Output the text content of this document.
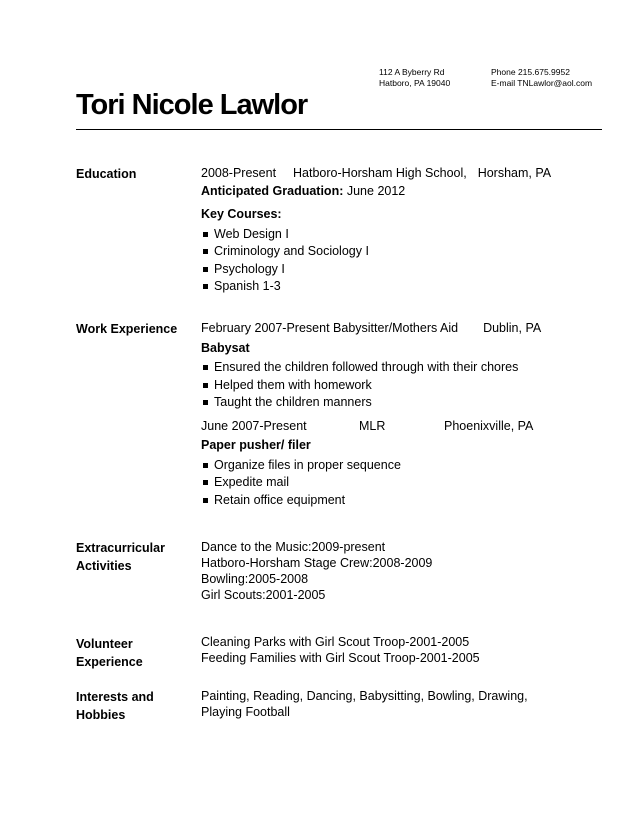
112 A Byberry Rd
Hatboro, PA 19040
Phone 215.675.9952
E-mail TNLawlor@aol.com
Tori Nicole Lawlor
Education	2008-Present Hatboro-Horsham High School, Horsham, PA
Anticipated Graduation: June 2012
Key Courses:
Web Design I
Criminology and Sociology I
Psychology I
Spanish 1-3
Work Experience February 2007-Present Babysitter/Mothers Aid Dublin, PA
Babysat
Ensured the children followed through with their chores
Helped them with homework
Taught the children manners
June 2007-Present	MLR	Phoenixville, PA
Paper pusher/ filer
Organize files in proper sequence
Expedite mail
Retain office equipment
Extracurricular
Activities
Dance to the Music:2009-present
Hatboro-Horsham Stage Crew:2008-2009
Bowling:2005-2008
Girl Scouts:2001-2005
Volunteer
Experience
Cleaning Parks with Girl Scout Troop-2001-2005
Feeding Families with Girl Scout Troop-2001-2005
Interests and
Hobbies
Painting, Reading, Dancing, Babysitting, Bowling, Drawing,
Playing Football
